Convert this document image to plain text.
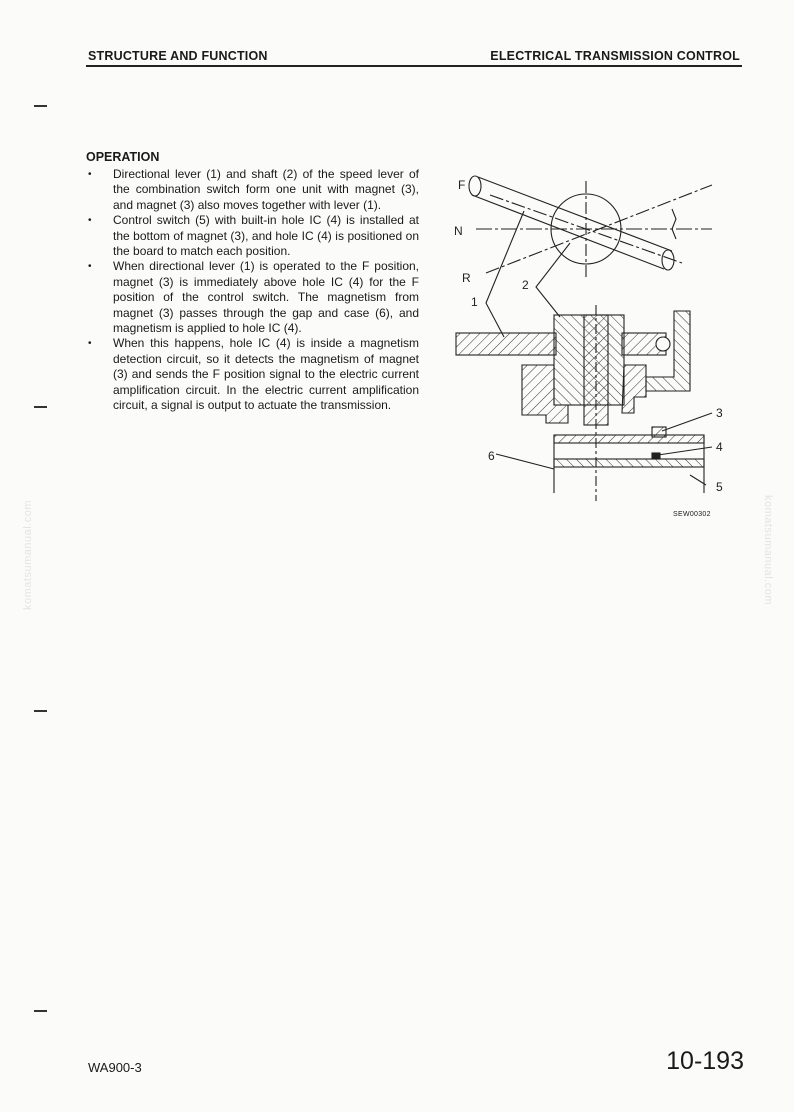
STRUCTURE AND FUNCTION	ELECTRICAL TRANSMISSION CONTROL
komatsumanual.com	komatsumanual.com
OPERATION
• Directional lever (1) and shaft (2) of the speed lever of the combination switch form one unit with magnet (3), and magnet (3) also moves together with lever (1).
• Control switch (5) with built-in hole IC (4) is installed at the bottom of magnet (3), and hole IC (4) is positioned on the board to match each position.
• When directional lever (1) is operated to the F position, magnet (3) is immediately above hole IC (4) for the F position of the control switch. The magnetism from magnet (3) passes through the gap and case (6), and magnetism is applied to hole IC (4).
• When this happens, hole IC (4) is inside a magnetism detection circuit, so it detects the magnetism of magnet (3) and sends the F position signal to the electric current amplification circuit. In the electric current amplification circuit, a signal is output to actuate the transmission.
F
N
R
1
2
3
4
5
6
SEW00302
WA900-3	10-193
